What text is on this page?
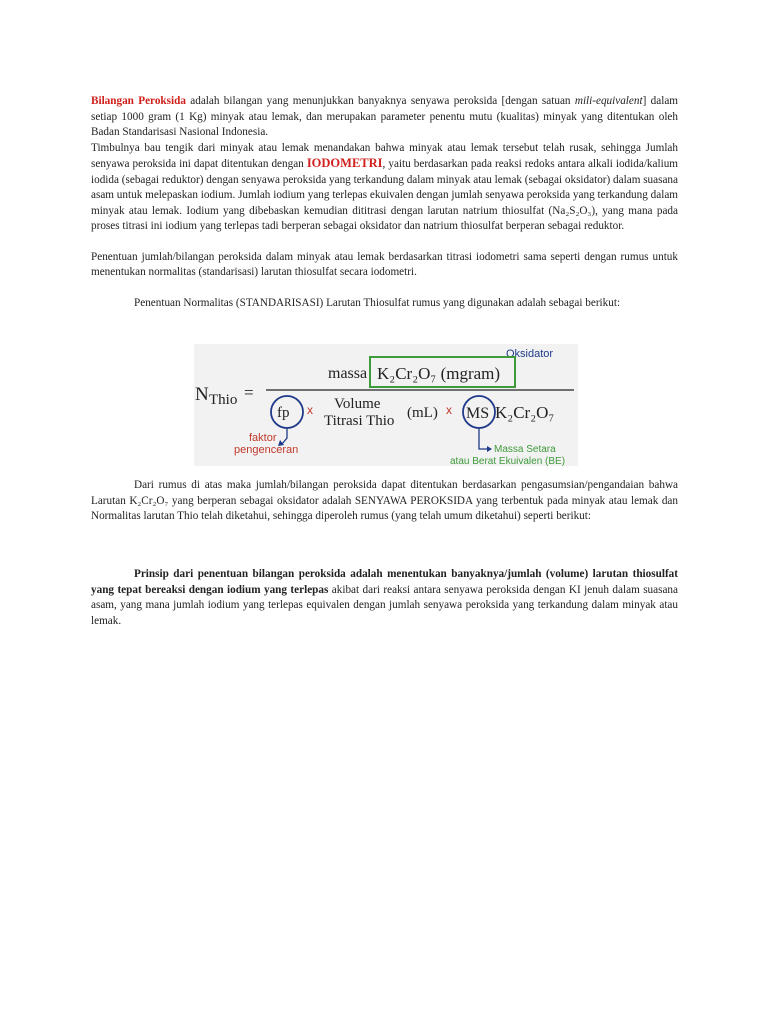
Bilangan Peroksida adalah bilangan yang menunjukkan banyaknya senyawa peroksida [dengan satuan mili-equivalent] dalam setiap 1000 gram (1 Kg) minyak atau lemak, dan merupakan parameter penentu mutu (kualitas) minyak yang ditentukan oleh Badan Standarisasi Nasional Indonesia.

Timbulnya bau tengik dari minyak atau lemak menandakan bahwa minyak atau lemak tersebut telah rusak, sehingga Jumlah senyawa peroksida ini dapat ditentukan dengan IODOMETRI, yaitu berdasarkan pada reaksi redoks antara alkali iodida/kalium iodida (sebagai reduktor) dengan senyawa peroksida yang terkandung dalam minyak atau lemak (sebagai oksidator) dalam suasana asam untuk melepaskan iodium. Jumlah iodium yang terlepas ekuivalen dengan jumlah senyawa peroksida yang terkandung dalam minyak atau lemak. Iodium yang dibebaskan kemudian dititrasi dengan larutan natrium thiosulfat (Na₂S₂O₃), yang mana pada proses titrasi ini iodium yang terlepas tadi berperan sebagai oksidator dan natrium thiosulfat berperan sebagai reduktor.

Penentuan jumlah/bilangan peroksida dalam minyak atau lemak berdasarkan titrasi iodometri sama seperti dengan rumus untuk menentukan normalitas (standarisasi) larutan thiosulfat secara iodometri.

Penentuan Normalitas (STANDARISASI) Larutan Thiosulfat rumus yang digunakan adalah sebagai berikut:

Oksidator
massa K₂Cr₂O₇ (mgram)
N Thio =
fp x Volume
Titrasi Thio (mL) x MS K₂Cr₂O₇
faktor
pengenceran	Massa Setara
atau Berat Ekuivalen (BE)

Dari rumus di atas maka jumlah/bilangan peroksida dapat ditentukan berdasarkan pengasumsian/pengandaian bahwa Larutan K₂Cr₂O₇ yang berperan sebagai oksidator adalah SENYAWA PEROKSIDA yang terbentuk pada minyak atau lemak dan Normalitas larutan Thio telah diketahui, sehingga diperoleh rumus (yang telah umum diketahui) seperti berikut:

Prinsip dari penentuan bilangan peroksida adalah menentukan banyaknya/jumlah (volume) larutan thiosulfat yang tepat bereaksi dengan iodium yang terlepas akibat dari reaksi antara senyawa peroksida dengan KI jenuh dalam suasana asam, yang mana jumlah iodium yang terlepas equivalen dengan jumlah senyawa peroksida yang terkandung dalam minyak atau lemak.
